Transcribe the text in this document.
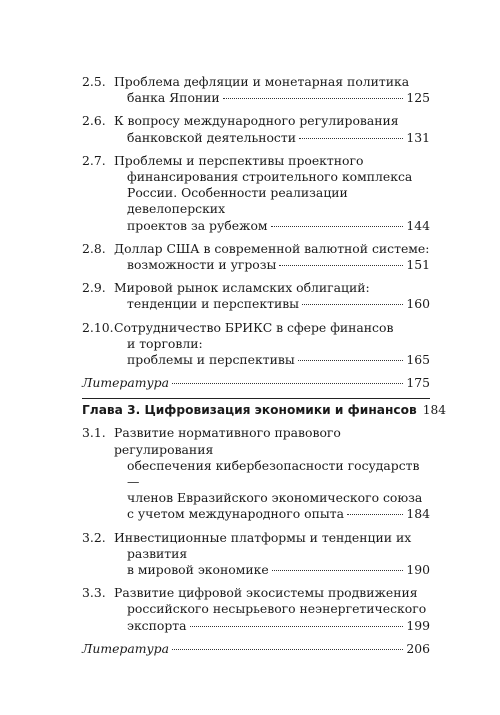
2.5. Проблема дефляции и монетарная политика
банка Японии	125
2.6. К вопросу международного регулирования
банковской деятельности	131
2.7. Проблемы и перспективы проектного
финансирования строительного комплекса
России. Особенности реализации девелоперских
проектов за рубежом	144
2.8. Доллар США в современной валютной системе:
возможности и угрозы	151
2.9. Мировой рынок исламских облигаций:
тенденции и перспективы	160
2.10. Сотрудничество БРИКС в сфере финансов
и торговли:
проблемы и перспективы	165
Литература	175
Глава 3. Цифровизация экономики и финансов 184
3.1. Развитие нормативного правового регулирования
обеспечения кибербезопасности государств —
членов Евразийского экономического союза
с учетом международного опыта	184
3.2. Инвестиционные платформы и тенденции их
развития
в мировой экономике	190
3.3. Развитие цифровой экосистемы продвижения
российского несырьевого неэнергетического
экспорта	199
Литература	206
